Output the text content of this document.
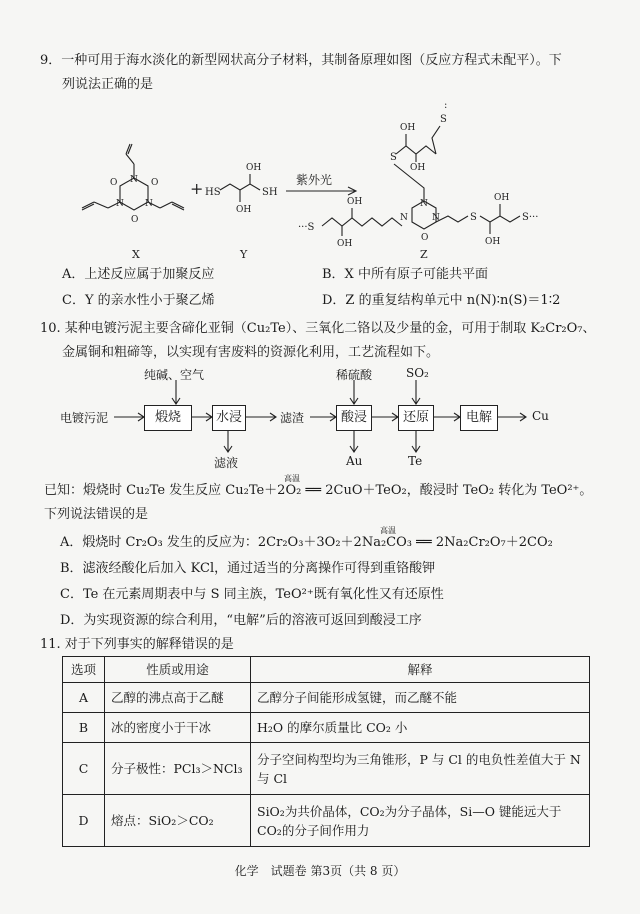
9．一种可用于海水淡化的新型网状高分子材料，其制备原理如图（反应方程式未配平）。下
列说法正确的是
O	O
O
N
N N
+ HS
OH
OH
SH
紫外光
···S
OH
OH
N	N
N
O
S
OH
OH
S···
S
OH
OH
S
:
X	Y	Z
A．上述反应属于加聚反应	B．X 中所有原子可能共平面
C．Y 的亲水性小于聚乙烯	D．Z 的重复结构单元中 n(N)∶n(S)＝1∶2
10. 某种电镀污泥主要含碲化亚铜（Cu₂Te）、三氧化二铬以及少量的金，可用于制取 K₂Cr₂O₇、
金属铜和粗碲等，以实现有害废料的资源化利用，工艺流程如下。
电镀污泥
纯碱、空气
煅烧	水浸
滤液
滤渣
稀硫酸
酸浸
Au
SO₂
还原
Te
电解	Cu
已知：煅烧时 Cu₂Te 发生反应 Cu₂Te＋2O₂ ══ 2CuO＋TeO₂，酸浸时 TeO₂ 转化为 TeO²⁺。
高温
下列说法错误的是
A．煅烧时 Cr₂O₃ 发生的反应为：2Cr₂O₃＋3O₂＋2Na₂CO₃ ══ 2Na₂Cr₂O₇＋2CO₂
高温
B．滤液经酸化后加入 KCl，通过适当的分离操作可得到重铬酸钾
C．Te 在元素周期表中与 S 同主族，TeO²⁺既有氧化性又有还原性
D．为实现资源的综合利用，“电解”后的溶液可返回到酸浸工序
11. 对于下列事实的解释错误的是
选项	性质或用途	解释
A	乙醇的沸点高于乙醚	乙醇分子间能形成氢键，而乙醚不能
B	冰的密度小于干冰	H₂O 的摩尔质量比 CO₂ 小
C	分子极性：PCl₃＞NCl₃	分子空间构型均为三角锥形，P 与 Cl 的电负性差值大于 N 与 Cl
D	熔点：SiO₂＞CO₂	SiO₂为共价晶体，CO₂为分子晶体，Si—O 键能远大于 CO₂的分子间作用力
化学　试题卷 第3页（共 8 页）
